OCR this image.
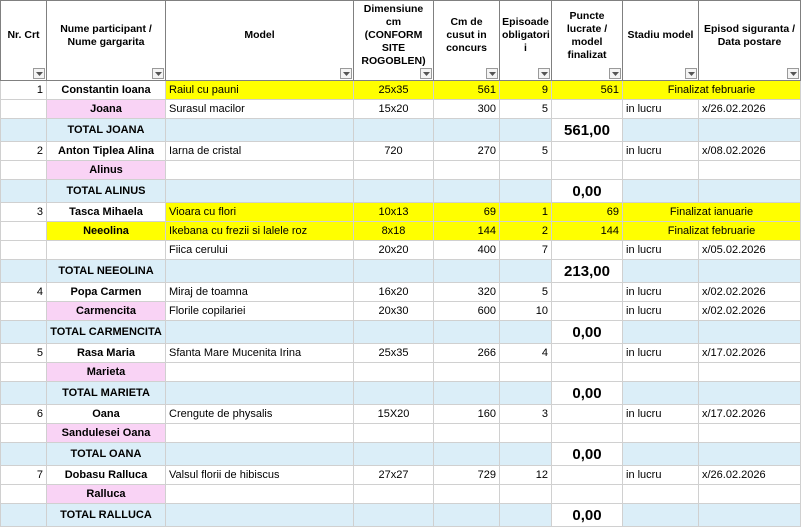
Nr. Crt	Nume participant / Nume gargarita	Model	Dimensiune cm (CONFORM SITE ROGOBLEN)	Cm de cusut in concurs	Episoade obligatori i	Puncte lucrate / model finalizat	Stadiu model	Episod siguranta / Data postare

1	Constantin Ioana	Raiul cu pauni	25x35	561	9	561	Finalizat februarie	
	Joana	Surasul macilor	15x20	300	5		in lucru	x/26.02.2026
	TOTAL JOANA					561,00		
2	Anton Tiplea Alina	Iarna de cristal	720	270	5		in lucru	x/08.02.2026
	Alinus							
	TOTAL ALINUS					0,00		
3	Tasca Mihaela	Vioara cu flori	10x13	69	1	69	Finalizat ianuarie	
	Neeolina	Ikebana cu frezii si lalele roz	8x18	144	2	144	Finalizat februarie	
		Fiica cerului	20x20	400	7		in lucru	x/05.02.2026
	TOTAL NEEOLINA					213,00		
4	Popa Carmen	Miraj de toamna	16x20	320	5		in lucru	x/02.02.2026
	Carmencita	Florile copilariei	20x30	600	10		in lucru	x/02.02.2026
	TOTAL CARMENCITA					0,00		
5	Rasa Maria	Sfanta Mare Mucenita Irina	25x35	266	4		in lucru	x/17.02.2026
	Marieta							
	TOTAL MARIETA					0,00		
6	Oana	Crengute de physalis	15X20	160	3		in lucru	x/17.02.2026
	Sandulesei Oana							
	TOTAL OANA					0,00		
7	Dobasu Ralluca	Valsul florii de hibiscus	27x27	729	12		in lucru	x/26.02.2026
	Ralluca							
	TOTAL RALLUCA					0,00		
